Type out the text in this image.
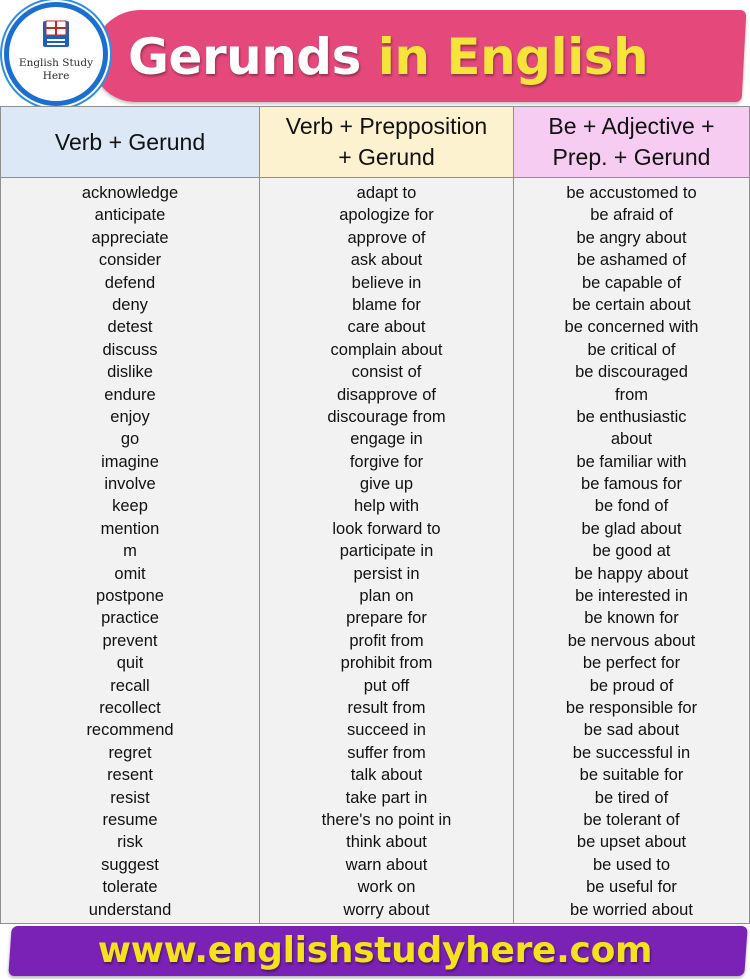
Gerunds in English
English Study Here
Verb + Gerund
acknowledge
anticipate
appreciate
consider
defend
deny
detest
discuss
dislike
endure
enjoy
go
imagine
involve
keep
mention
m
omit
postpone
practice
prevent
quit
recall
recollect
recommend
regret
resent
resist
resume
risk
suggest
tolerate
understand
Verb + Prepposition
+ Gerund
adapt to
apologize for
approve of
ask about
believe in
blame for
care about
complain about
consist of
disapprove of
discourage from
engage in
forgive for
give up
help with
look forward to
participate in
persist in
plan on
prepare for
profit from
prohibit from
put off
result from
succeed in
suffer from
talk about
take part in
there's no point in
think about
warn about
work on
worry about
Be + Adjective +
Prep. + Gerund
be accustomed to
be afraid of
be angry about
be ashamed of
be capable of
be certain about
be concerned with
be critical of
be discouraged
from
be enthusiastic
about
be familiar with
be famous for
be fond of
be glad about
be good at
be happy about
be interested in
be known for
be nervous about
be perfect for
be proud of
be responsible for
be sad about
be successful in
be suitable for
be tired of
be tolerant of
be upset about
be used to
be useful for
be worried about
www.englishstudyhere.com
